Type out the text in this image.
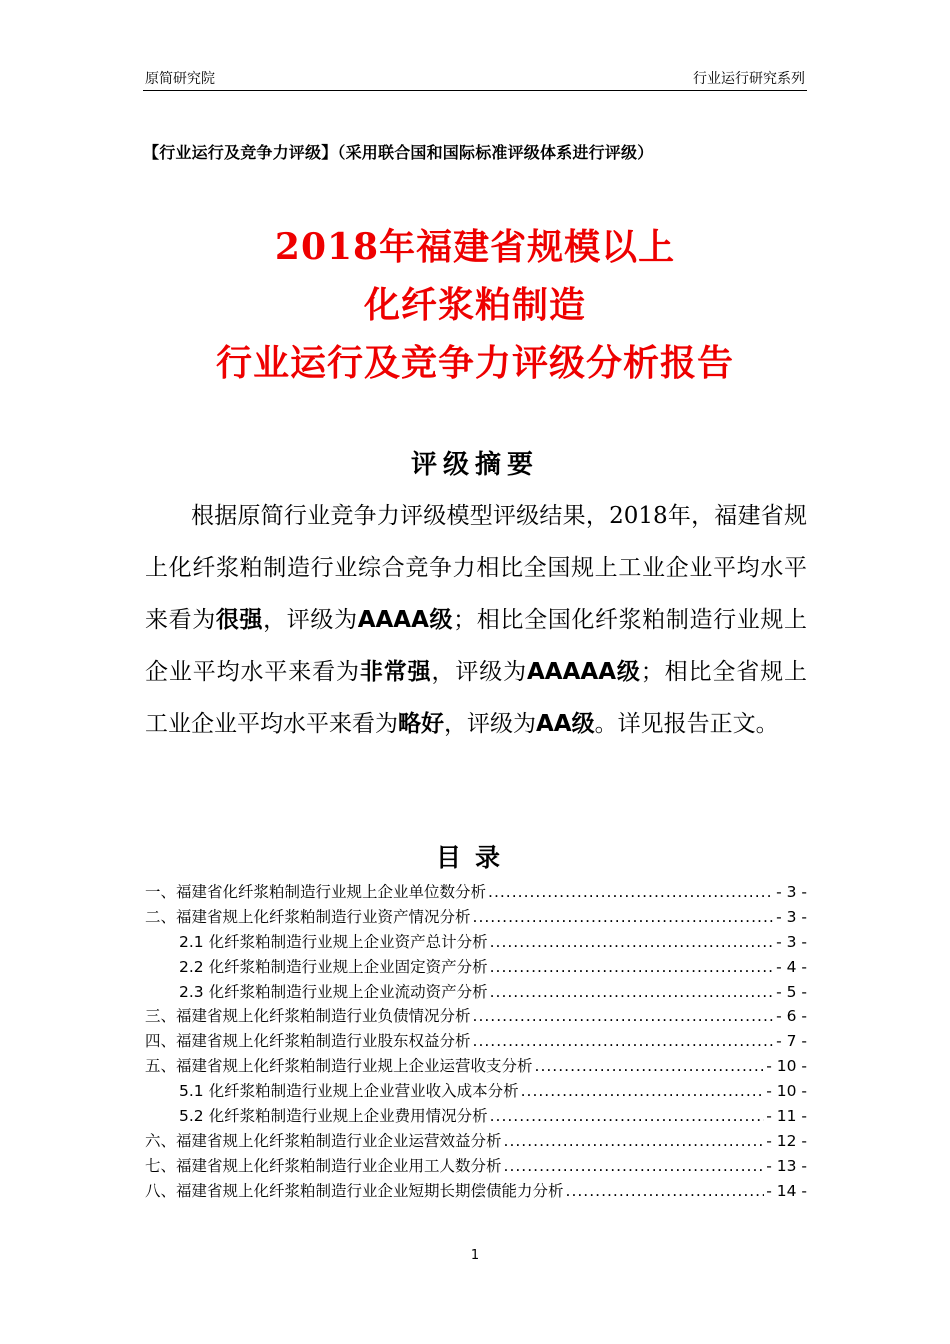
原简研究院	行业运行研究系列
【行业运行及竞争力评级】（采用联合国和国际标准评级体系进行评级）
2018年福建省规模以上
化纤浆粕制造
行业运行及竞争力评级分析报告
评级摘要
根据原简行业竞争力评级模型评级结果，2018年，福建省规上化纤浆粕制造行业综合竞争力相比全国规上工业企业平均水平来看为很强，评级为AAAA级；相比全国化纤浆粕制造行业规上企业平均水平来看为非常强，评级为AAAAA级；相比全省规上工业企业平均水平来看为略好，评级为AA级。详见报告正文。
目录
一、福建省化纤浆粕制造行业规上企业单位数分析 .....	- 3 -
二、福建省规上化纤浆粕制造行业资产情况分析 .....	- 3 -
2.1 化纤浆粕制造行业规上企业资产总计分析 .....	- 3 -
2.2 化纤浆粕制造行业规上企业固定资产分析 .....	- 4 -
2.3 化纤浆粕制造行业规上企业流动资产分析 .....	- 5 -
三、福建省规上化纤浆粕制造行业负债情况分析 .....	- 6 -
四、福建省规上化纤浆粕制造行业股东权益分析 .....	- 7 -
五、福建省规上化纤浆粕制造行业规上企业运营收支分析 .....	- 10 -
5.1 化纤浆粕制造行业规上企业营业收入成本分析 .....	- 10 -
5.2 化纤浆粕制造行业规上企业费用情况分析 .....	- 11 -
六、福建省规上化纤浆粕制造行业企业运营效益分析 .....	- 12 -
七、福建省规上化纤浆粕制造行业企业用工人数分析 .....	- 13 -
八、福建省规上化纤浆粕制造行业企业短期长期偿债能力分析 .....	- 14 -
1
